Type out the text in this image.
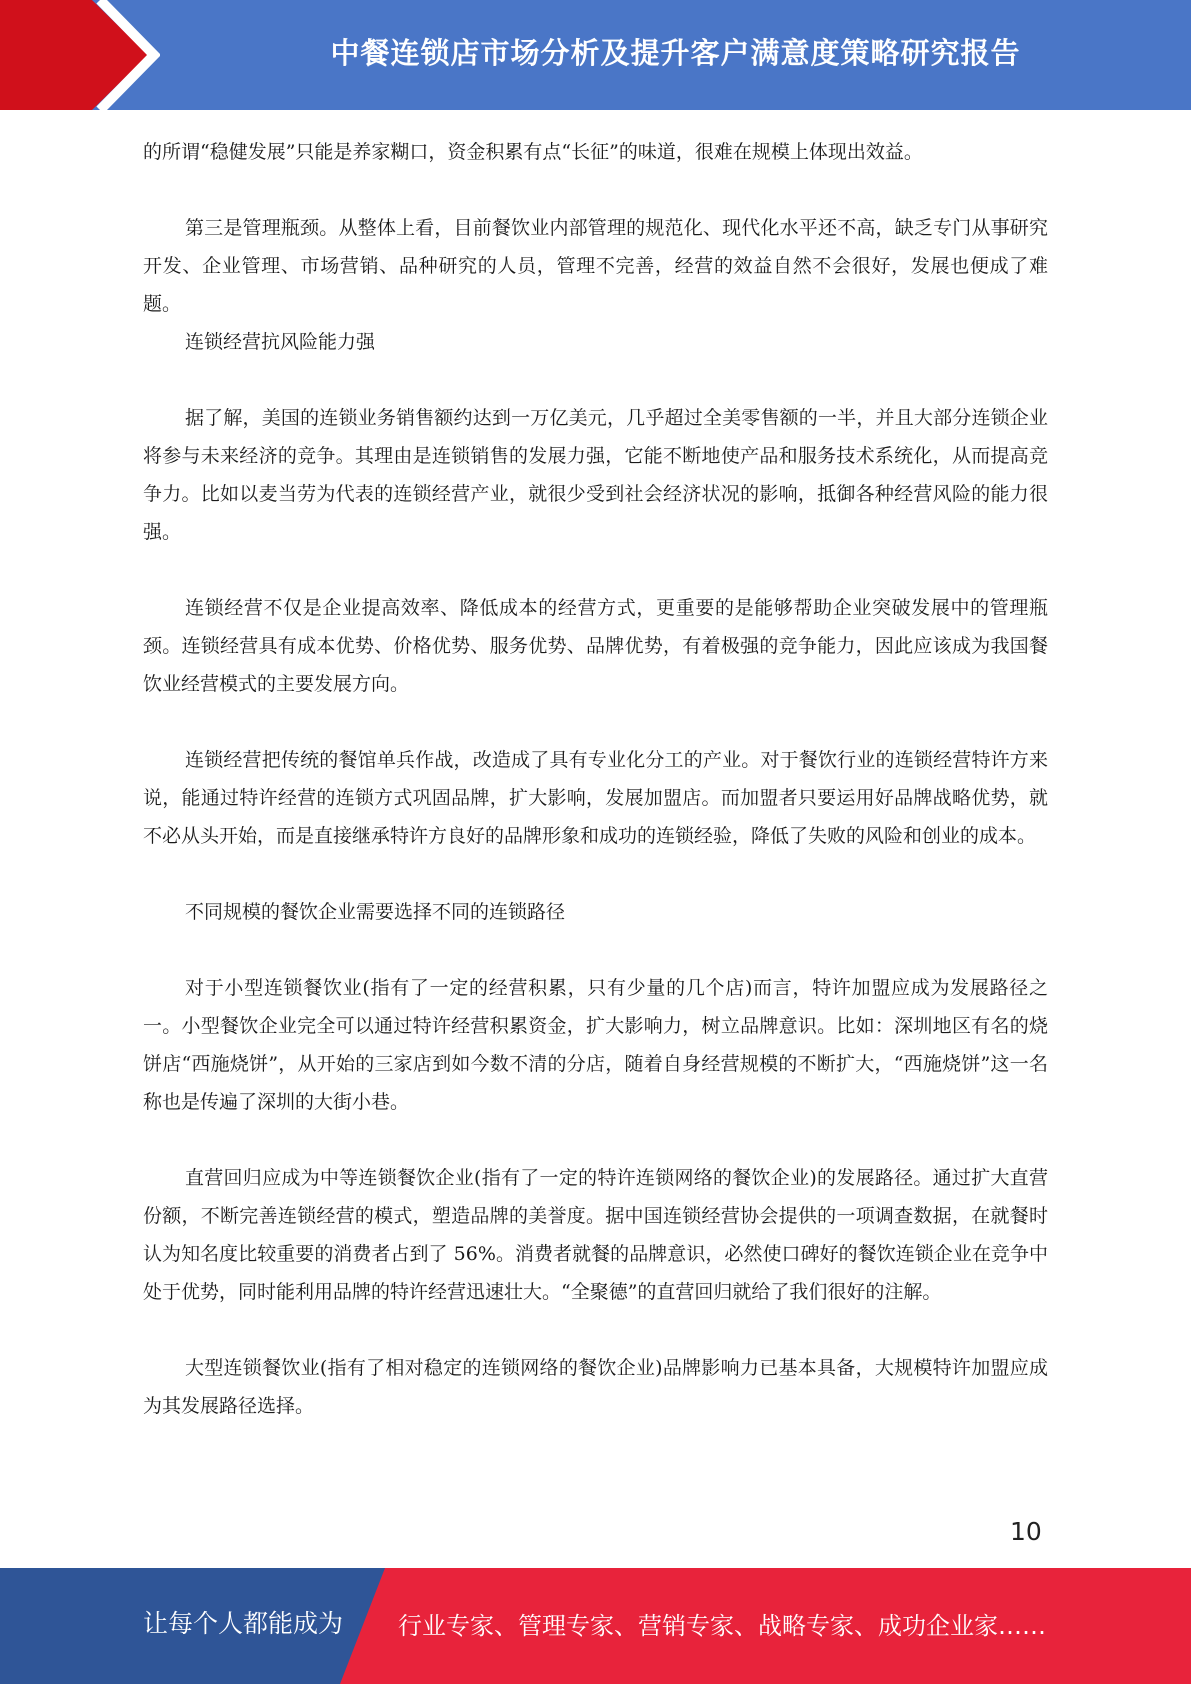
中餐连锁店市场分析及提升客户满意度策略研究报告

的所谓“稳健发展”只能是养家糊口，资金积累有点“长征”的味道，很难在规模上体现出效益。

第三是管理瓶颈。从整体上看，目前餐饮业内部管理的规范化、现代化水平还不高，缺乏专门从事研究开发、企业管理、市场营销、品种研究的人员，管理不完善，经营的效益自然不会很好，发展也便成了难题。

连锁经营抗风险能力强

据了解，美国的连锁业务销售额约达到一万亿美元，几乎超过全美零售额的一半，并且大部分连锁企业将参与未来经济的竞争。其理由是连锁销售的发展力强，它能不断地使产品和服务技术系统化，从而提高竞争力。比如以麦当劳为代表的连锁经营产业，就很少受到社会经济状况的影响，抵御各种经营风险的能力很强。

连锁经营不仅是企业提高效率、降低成本的经营方式，更重要的是能够帮助企业突破发展中的管理瓶颈。连锁经营具有成本优势、价格优势、服务优势、品牌优势，有着极强的竞争能力，因此应该成为我国餐饮业经营模式的主要发展方向。

连锁经营把传统的餐馆单兵作战，改造成了具有专业化分工的产业。对于餐饮行业的连锁经营特许方来说，能通过特许经营的连锁方式巩固品牌，扩大影响，发展加盟店。而加盟者只要运用好品牌战略优势，就不必从头开始，而是直接继承特许方良好的品牌形象和成功的连锁经验，降低了失败的风险和创业的成本。

不同规模的餐饮企业需要选择不同的连锁路径

对于小型连锁餐饮业(指有了一定的经营积累，只有少量的几个店)而言，特许加盟应成为发展路径之一。小型餐饮企业完全可以通过特许经营积累资金，扩大影响力，树立品牌意识。比如：深圳地区有名的烧饼店“西施烧饼”，从开始的三家店到如今数不清的分店，随着自身经营规模的不断扩大，“西施烧饼”这一名称也是传遍了深圳的大街小巷。

直营回归应成为中等连锁餐饮企业(指有了一定的特许连锁网络的餐饮企业)的发展路径。通过扩大直营份额，不断完善连锁经营的模式，塑造品牌的美誉度。据中国连锁经营协会提供的一项调查数据，在就餐时认为知名度比较重要的消费者占到了 56%。消费者就餐的品牌意识，必然使口碑好的餐饮连锁企业在竞争中处于优势，同时能利用品牌的特许经营迅速壮大。“全聚德”的直营回归就给了我们很好的注解。

大型连锁餐饮业(指有了相对稳定的连锁网络的餐饮企业)品牌影响力已基本具备，大规模特许加盟应成为其发展路径选择。

10
让每个人都能成为 行业专家、管理专家、营销专家、战略专家、成功企业家……
